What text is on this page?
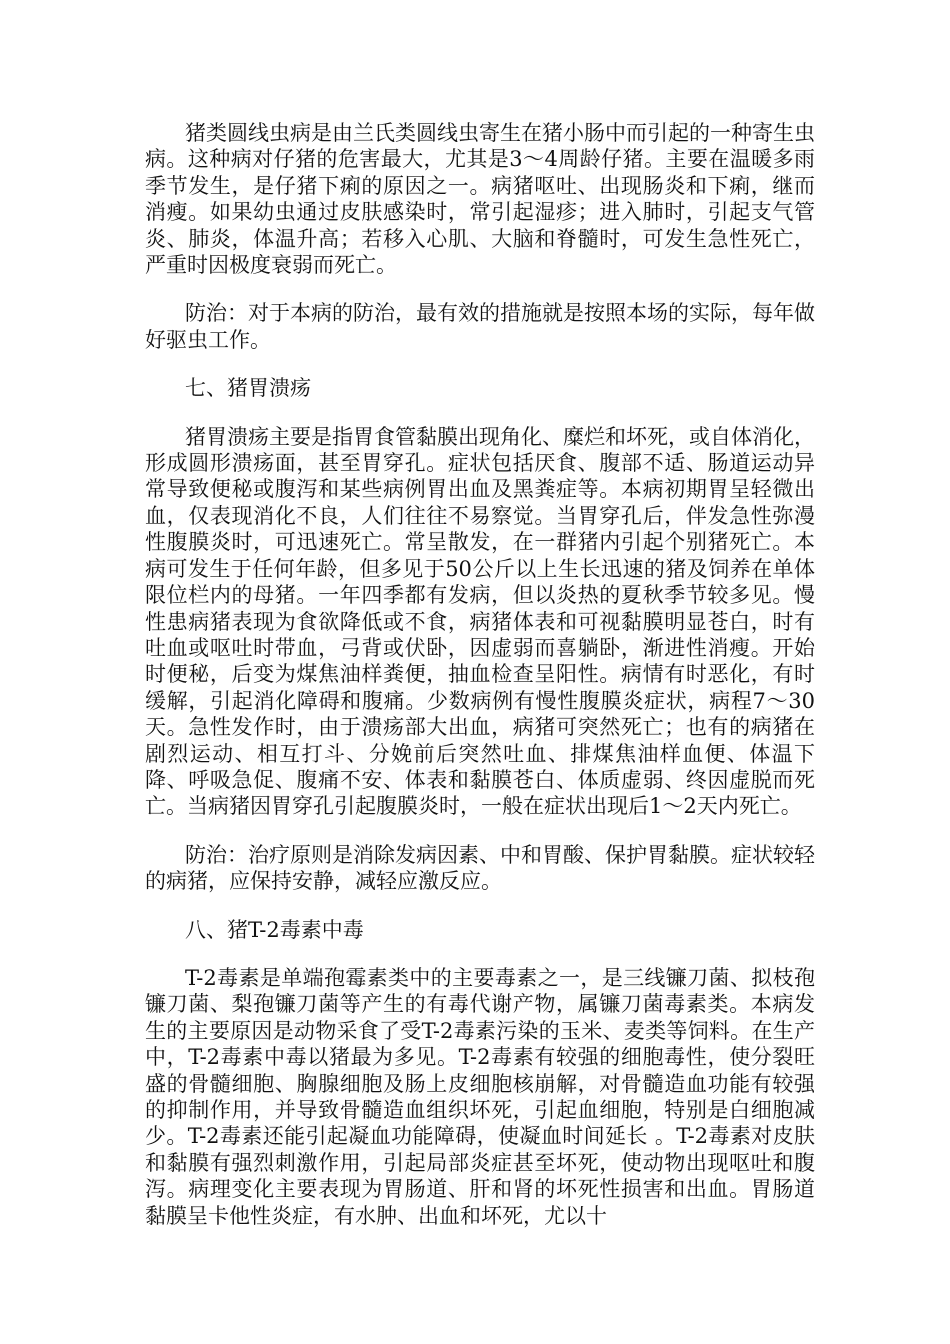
猪类圆线虫病是由兰氏类圆线虫寄生在猪小肠中而引起的一种寄生虫病。这种病对仔猪的危害最大，尤其是3～4周龄仔猪。主要在温暖多雨季节发生，是仔猪下痢的原因之一。病猪呕吐、出现肠炎和下痢，继而消瘦。如果幼虫通过皮肤感染时，常引起湿疹；进入肺时，引起支气管炎、肺炎，体温升高；若移入心肌、大脑和脊髓时，可发生急性死亡，严重时因极度衰弱而死亡。

防治：对于本病的防治，最有效的措施就是按照本场的实际，每年做好驱虫工作。

七、猪胃溃疡

猪胃溃疡主要是指胃食管黏膜出现角化、糜烂和坏死，或自体消化，形成圆形溃疡面，甚至胃穿孔。症状包括厌食、腹部不适、肠道运动异常导致便秘或腹泻和某些病例胃出血及黑粪症等。本病初期胃呈轻微出血，仅表现消化不良，人们往往不易察觉。当胃穿孔后，伴发急性弥漫性腹膜炎时，可迅速死亡。常呈散发，在一群猪内引起个别猪死亡。本病可发生于任何年龄，但多见于50公斤以上生长迅速的猪及饲养在单体限位栏内的母猪。一年四季都有发病，但以炎热的夏秋季节较多见。慢性患病猪表现为食欲降低或不食，病猪体表和可视黏膜明显苍白，时有吐血或呕吐时带血，弓背或伏卧，因虚弱而喜躺卧，渐进性消瘦。开始时便秘，后变为煤焦油样粪便，抽血检查呈阳性。病情有时恶化，有时缓解，引起消化障碍和腹痛。少数病例有慢性腹膜炎症状，病程7～30天。急性发作时，由于溃疡部大出血，病猪可突然死亡；也有的病猪在剧烈运动、相互打斗、分娩前后突然吐血、排煤焦油样血便、体温下降、呼吸急促、腹痛不安、体表和黏膜苍白、体质虚弱、终因虚脱而死亡。当病猪因胃穿孔引起腹膜炎时，一般在症状出现后1～2天内死亡。

防治：治疗原则是消除发病因素、中和胃酸、保护胃黏膜。症状较轻的病猪，应保持安静，减轻应激反应。

八、猪T-2毒素中毒

T-2毒素是单端孢霉素类中的主要毒素之一，是三线镰刀菌、拟枝孢镰刀菌、梨孢镰刀菌等产生的有毒代谢产物，属镰刀菌毒素类。本病发生的主要原因是动物采食了受T-2毒素污染的玉米、麦类等饲料。在生产中，T-2毒素中毒以猪最为多见。T-2毒素有较强的细胞毒性，使分裂旺盛的骨髓细胞、胸腺细胞及肠上皮细胞核崩解，对骨髓造血功能有较强的抑制作用，并导致骨髓造血组织坏死，引起血细胞，特别是白细胞减少。T-2毒素还能引起凝血功能障碍，使凝血时间延长 。T-2毒素对皮肤和黏膜有强烈刺激作用，引起局部炎症甚至坏死，使动物出现呕吐和腹泻。病理变化主要表现为胃肠道、肝和肾的坏死性损害和出血。胃肠道黏膜呈卡他性炎症，有水肿、出血和坏死，尤以十
